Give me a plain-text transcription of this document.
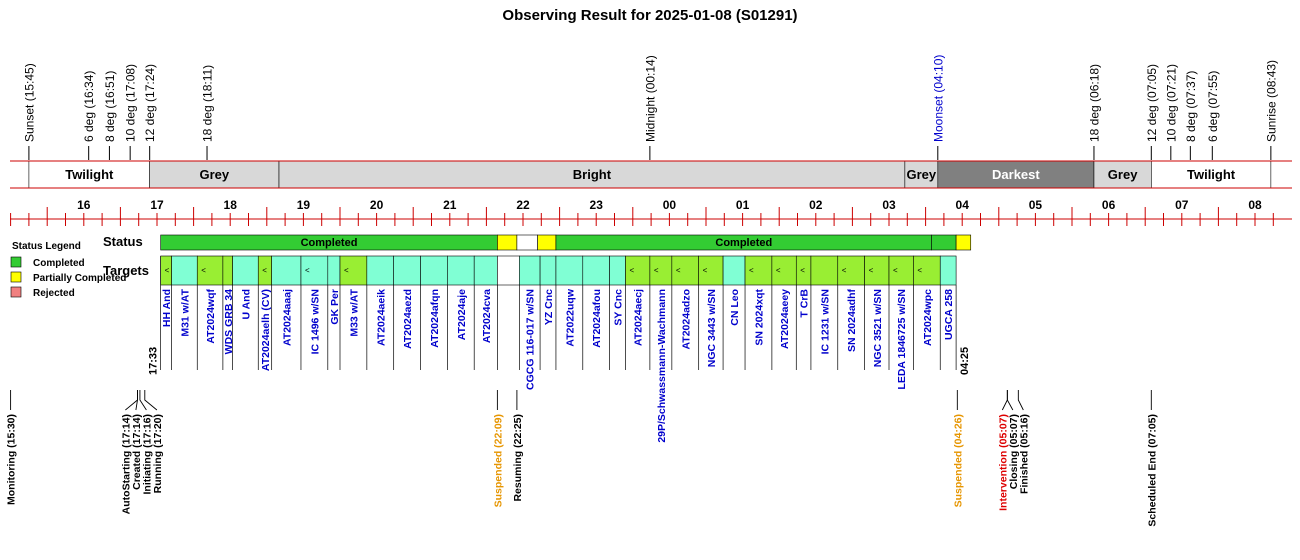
Observing Result for 2025-01-08 (S01291)
Sunset (15:45)	6 deg (16:34) 8 deg (16:51) 10 deg (17:08) 12 deg (17:24)	18 deg (18:11)	Midnight (00:14)	Moonset (04:10)	18 deg (06:18)	12 deg (07:05) 10 deg (07:21) 8 deg (07:37) 6 deg (07:55)	Sunrise (08:43)
Twilight	Grey	Bright	Grey	Darkest	Grey	Twilight
16	17	18	19	20	21	22	23	00	01	02	03	04	05	06	07	08
Status Legend
Completed
Partially Completed
Rejected
Status
Targets
Completed	Completed
<
HH And M31 w/AT
<
AT2024wqf WDS GRB 34 U And
<
AT2024aelh (CV) AT2024aaaj
<
IC 1496 w/SN GK Per
<
M33 w/AT AT2024aeik AT2024aezd AT2024afqn AT2024aje AT2024cva	CGCG 116-017 w/SN YZ Cnc AT2022uqw AT2024afou SY Cnc
<
AT2024aecj
<
29P/Schwassmann-Wachmann
<
AT2024adzo
<
NGC 3443 w/SN CN Leo
<
SN 2024xqt
<
AT2024aeey
<
T CrB IC 1231 w/SN
<
SN 2024adhf
<
NGC 3521 w/SN
<
LEDA 1846725 w/SN
<
AT2024wpc UGCA 258
17:33	04:25
Monitoring (15:30)	AutoStarting (17:14)
Created (17:14)
Initiating (17:16)
Running (17:20)	Suspended (22:09) Resuming (22:25)	Suspended (04:26)	Intervention (05:07)
Closing (05:07)
Finished (05:16)	Scheduled End (07:05)
